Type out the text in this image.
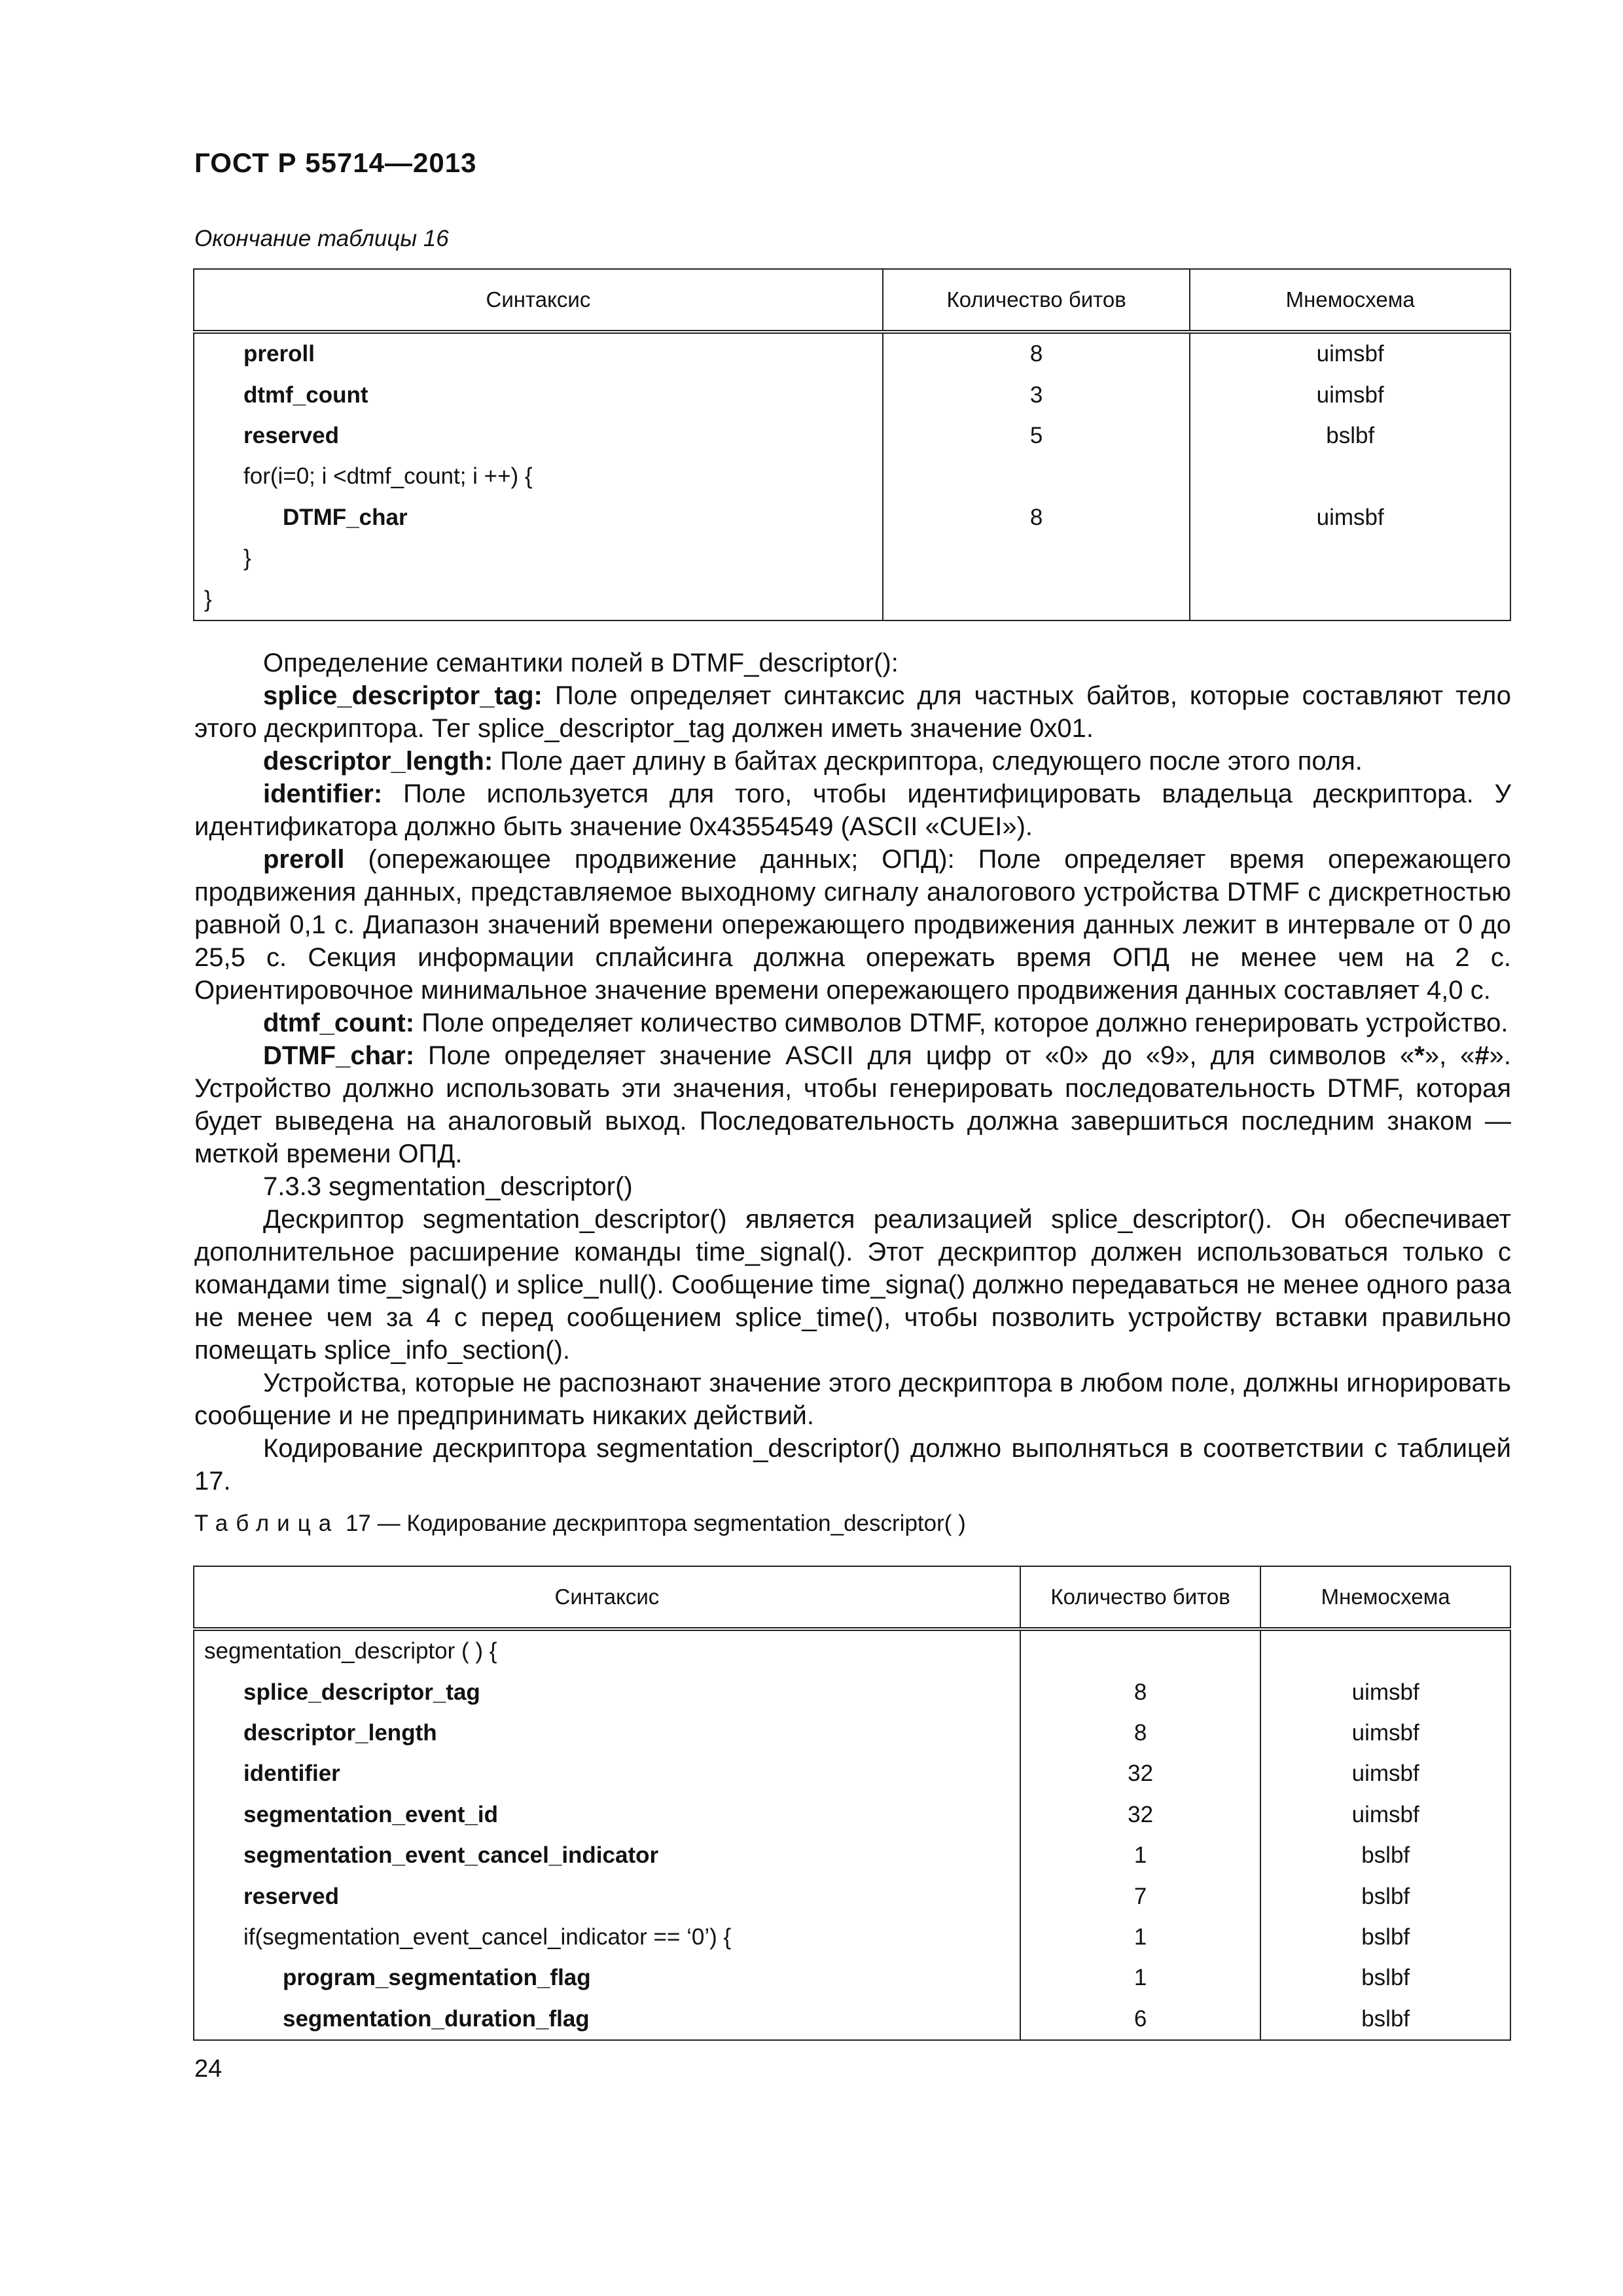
ГОСТ Р 55714—2013
Окончание таблицы 16
Синтаксис	Количество битов	Мнемосхема
preroll	8	uimsbf
dtmf_count	3	uimsbf
reserved	5	bslbf
for(i=0; i <dtmf_count; i ++) {		
DTMF_char	8	uimsbf
}		
}		

Определение семантики полей в DTMF_descriptor():

splice_descriptor_tag: Поле определяет синтаксис для частных байтов, которые составляют тело этого дескриптора. Тег splice_descriptor_tag должен иметь значение 0x01.

descriptor_length: Поле дает длину в байтах дескриптора, следующего после этого поля.

identifier: Поле используется для того, чтобы идентифицировать владельца дескриптора. У идентификатора должно быть значение 0x43554549 (ASCII «CUEI»).

preroll (опережающее продвижение данных; ОПД): Поле определяет время опережающего продвижения данных, представляемое выходному сигналу аналогового устройства DTMF с дискретностью равной 0,1 с. Диапазон значений времени опережающего продвижения данных лежит в интервале от 0 до 25,5 с. Секция информации сплайсинга должна опережать время ОПД не менее чем на 2 с. Ориентировочное минимальное значение времени опережающего продвижения данных составляет 4,0 с.

dtmf_count: Поле определяет количество символов DTMF, которое должно генерировать устройство.

DTMF_char: Поле определяет значение ASCII для цифр от «0» до «9», для символов «*», «#». Устройство должно использовать эти значения, чтобы генерировать последовательность DTMF, которая будет выведена на аналоговый выход. Последовательность должна завершиться последним знаком — меткой времени ОПД.

7.3.3 segmentation_descriptor()

Дескриптор segmentation_descriptor() является реализацией splice_descriptor(). Он обеспечивает дополнительное расширение команды time_signal(). Этот дескриптор должен использоваться только с командами time_signal() и splice_null(). Сообщение time_signa() должно передаваться не менее одного раза не менее чем за 4 с перед сообщением splice_time(), чтобы позволить устройству вставки правильно помещать splice_info_section().

Устройства, которые не распознают значение этого дескриптора в любом поле, должны игнорировать сообщение и не предпринимать никаких действий.

Кодирование дескриптора segmentation_descriptor() должно выполняться в соответствии с таблицей 17.

Таблица 17 — Кодирование дескриптора segmentation_descriptor( )
Синтаксис	Количество битов	Мнемосхема
segmentation_descriptor ( ) {		
splice_descriptor_tag	8	uimsbf
descriptor_length	8	uimsbf
identifier	32	uimsbf
segmentation_event_id	32	uimsbf
segmentation_event_cancel_indicator	1	bslbf
reserved	7	bslbf
if(segmentation_event_cancel_indicator == ‘0’) {	1	bslbf
program_segmentation_flag	1	bslbf
segmentation_duration_flag	6	bslbf
24
